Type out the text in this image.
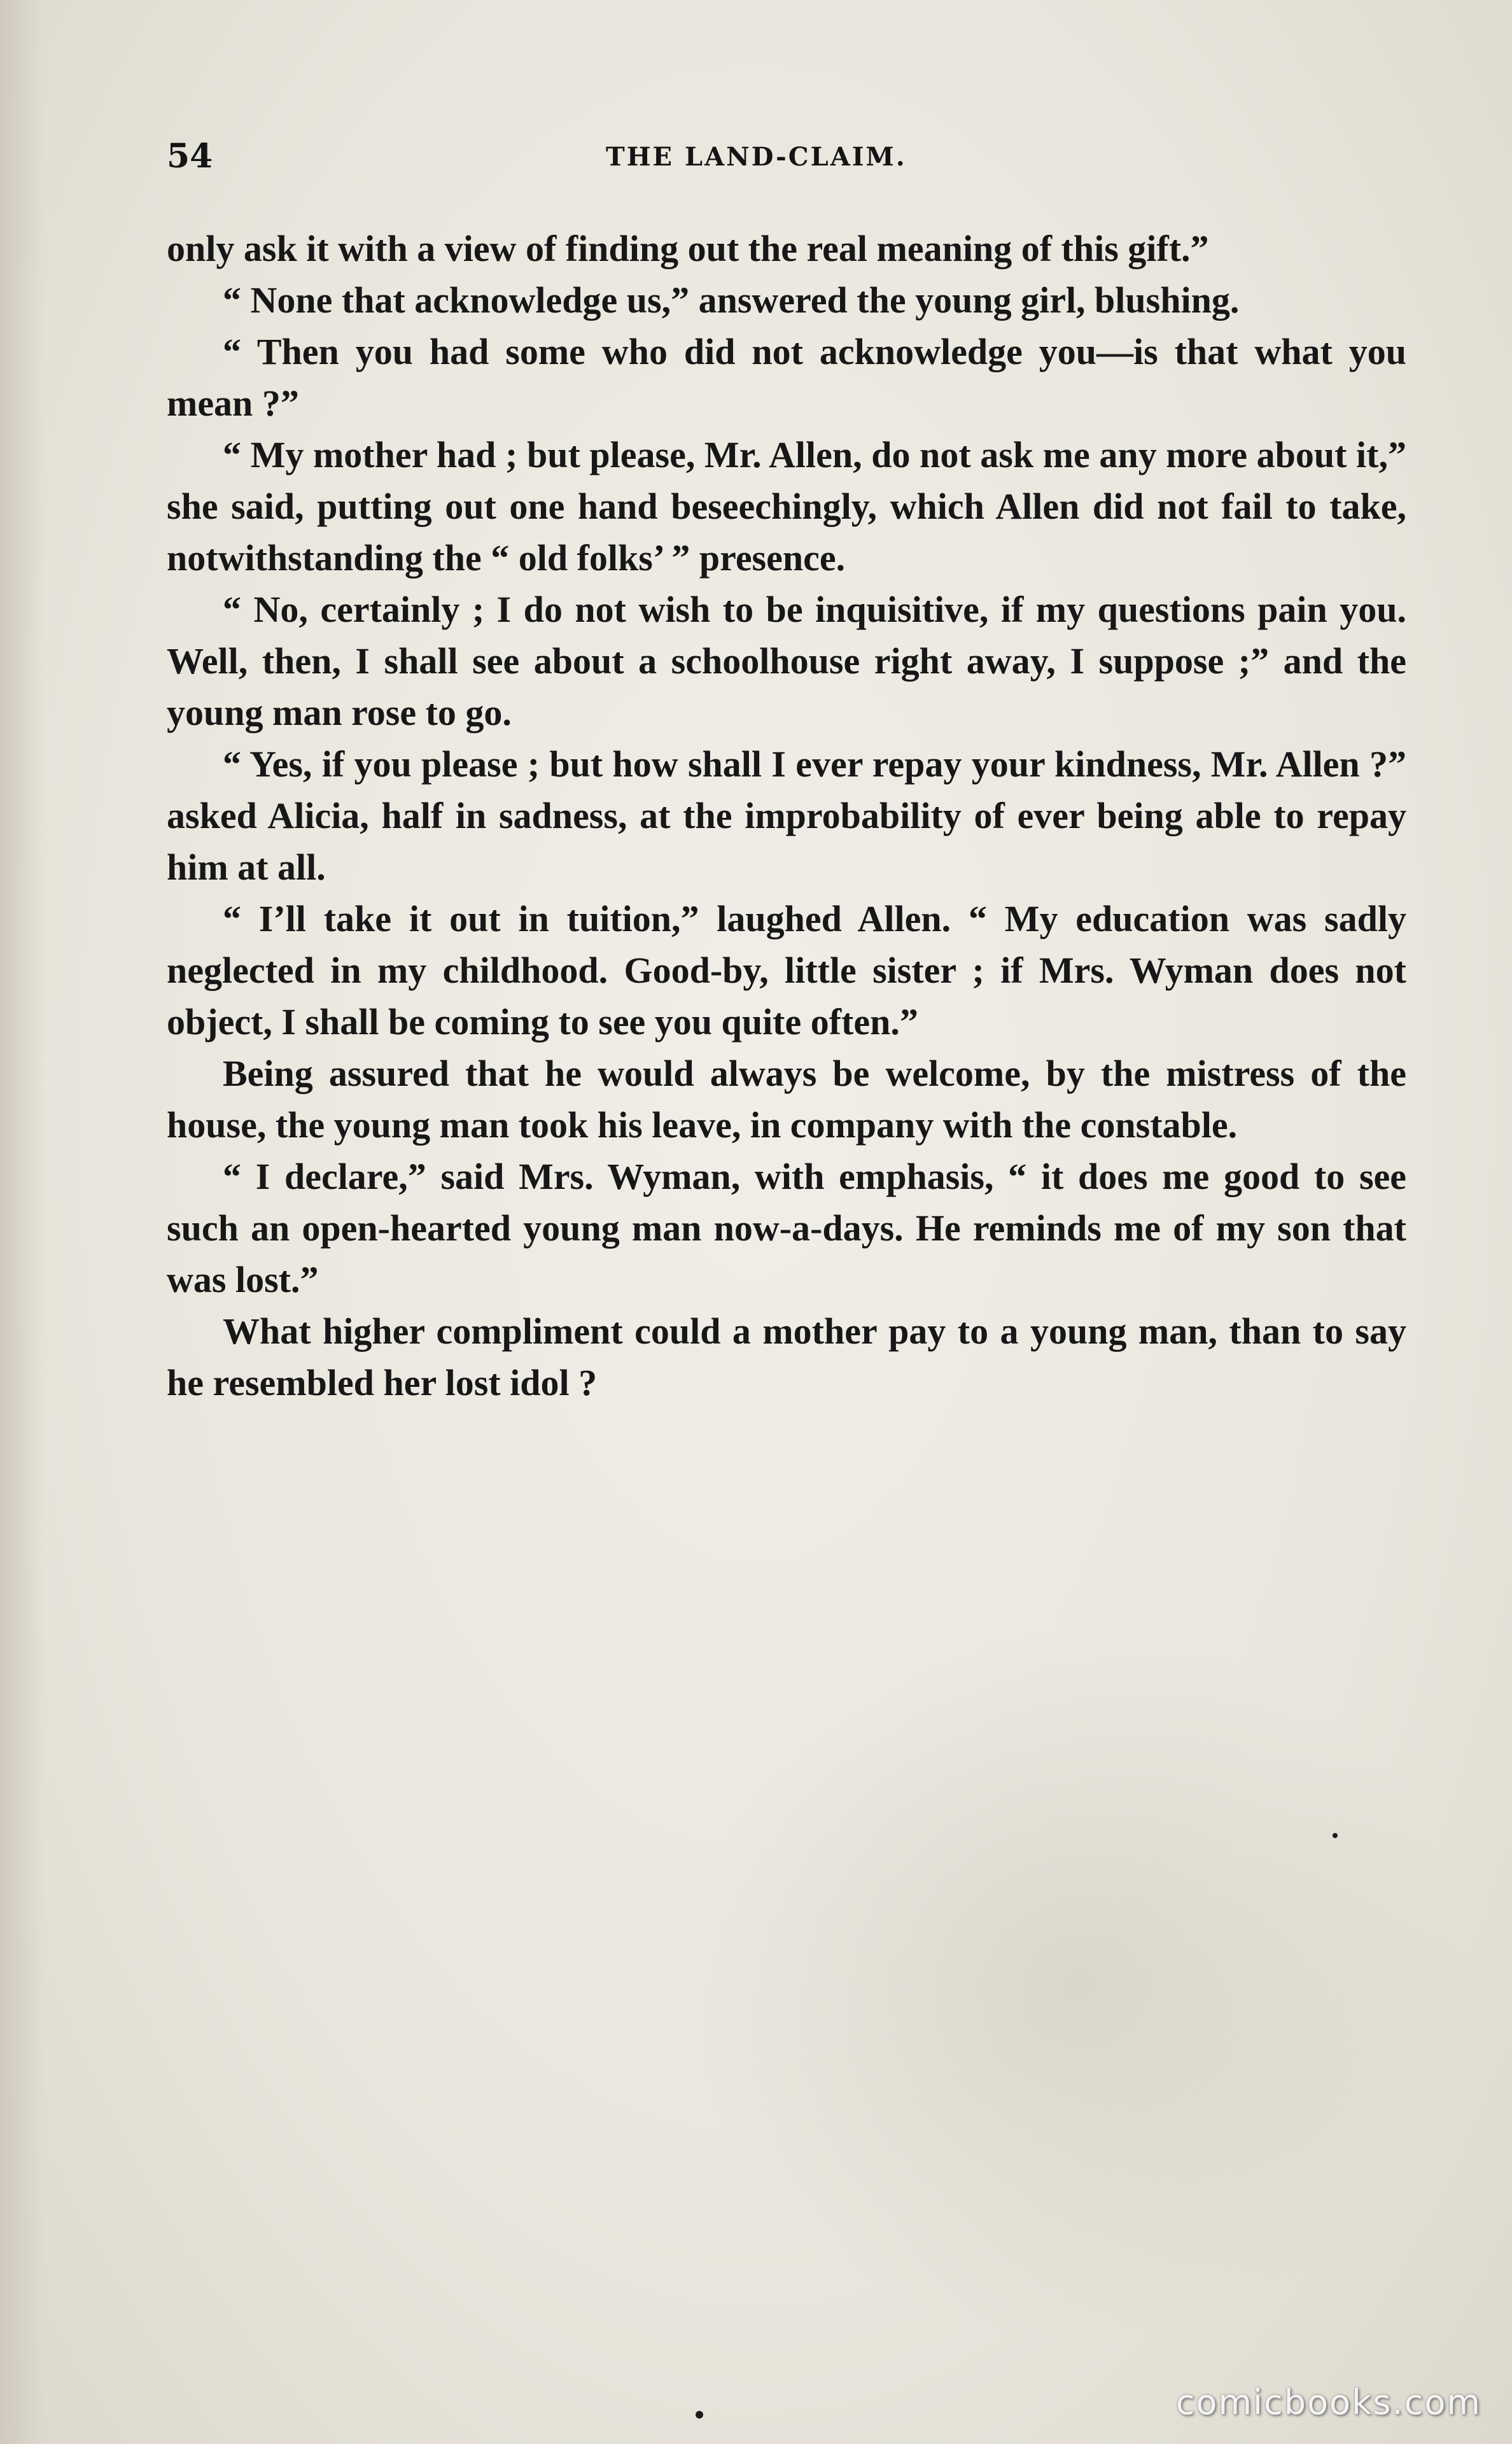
54	THE LAND-CLAIM.

only ask it with a view of finding out the real meaning of this gift.”

“ None that acknowledge us,” answered the young girl, blushing.

“ Then you had some who did not acknowledge you—is that what you mean ?”

“ My mother had ; but please, Mr. Allen, do not ask me any more about it,” she said, putting out one hand beseechingly, which Allen did not fail to take, notwithstanding the “ old folks’ ” presence.

“ No, certainly ; I do not wish to be inquisitive, if my questions pain you. Well, then, I shall see about a schoolhouse right away, I suppose ;” and the young man rose to go.

“ Yes, if you please ; but how shall I ever repay your kindness, Mr. Allen ?” asked Alicia, half in sadness, at the improbability of ever being able to repay him at all.

“ I’ll take it out in tuition,” laughed Allen. “ My education was sadly neglected in my childhood. Good-by, little sister ; if Mrs. Wyman does not object, I shall be coming to see you quite often.”

Being assured that he would always be welcome, by the mistress of the house, the young man took his leave, in company with the constable.

“ I declare,” said Mrs. Wyman, with emphasis, “ it does me good to see such an open-hearted young man now-a-days. He reminds me of my son that was lost.”

What higher compliment could a mother pay to a young man, than to say he resembled her lost idol ?

comicbooks.com
